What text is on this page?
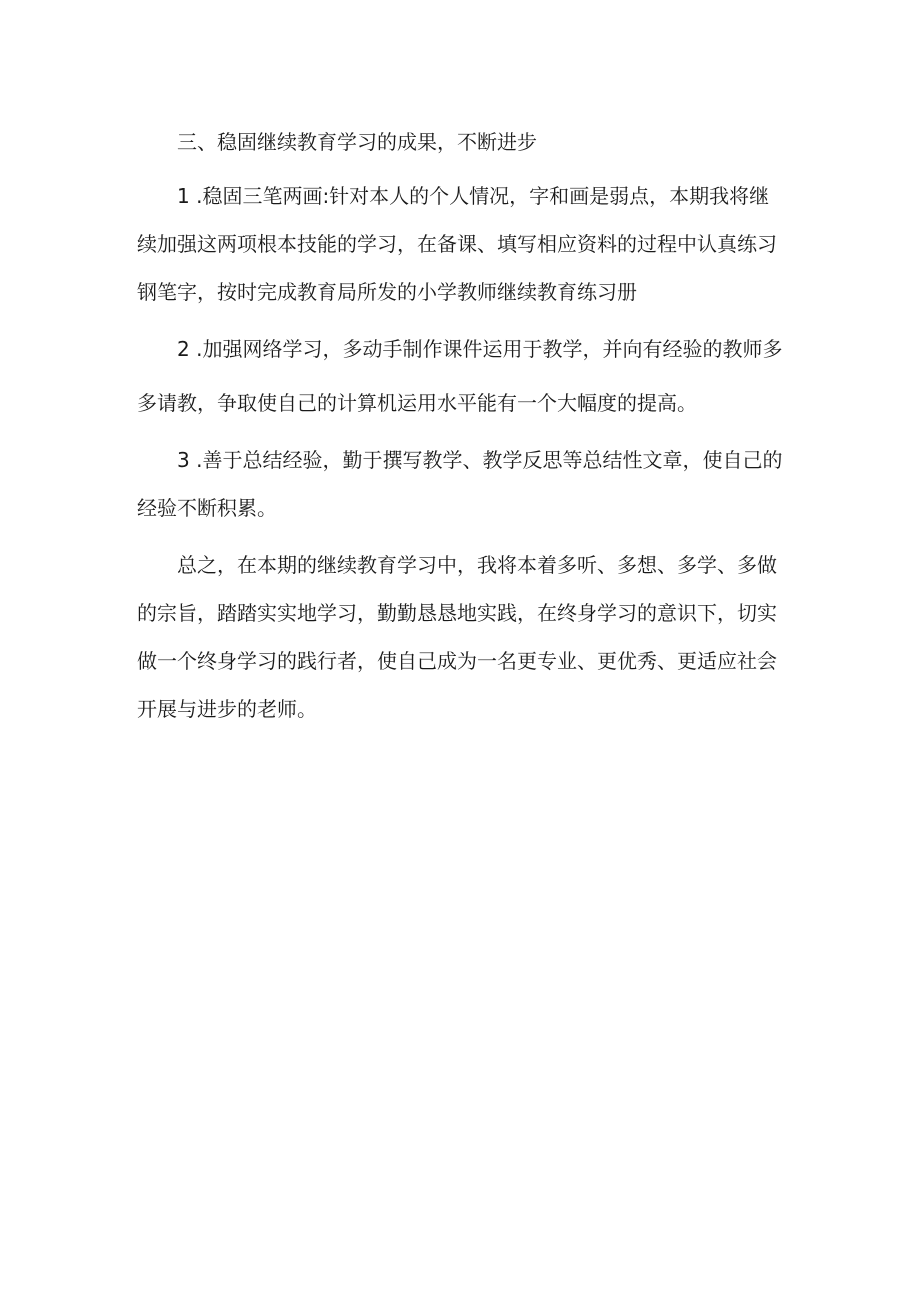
三、稳固继续教育学习的成果，不断进步

1 .稳固三笔两画:针对本人的个人情况，字和画是弱点，本期我将继
续加强这两项根本技能的学习，在备课、填写相应资料的过程中认真练习
钢笔字，按时完成教育局所发的小学教师继续教育练习册
2 .加强网络学习，多动手制作课件运用于教学，并向有经验的教师多
多请教，争取使自己的计算机运用水平能有一个大幅度的提高。
3 .善于总结经验，勤于撰写教学、教学反思等总结性文章，使自己的
经验不断积累。
总之，在本期的继续教育学习中，我将本着多听、多想、多学、多做
的宗旨，踏踏实实地学习，勤勤恳恳地实践，在终身学习的意识下，切实
做一个终身学习的践行者，使自己成为一名更专业、更优秀、更适应社会
开展与进步的老师。
